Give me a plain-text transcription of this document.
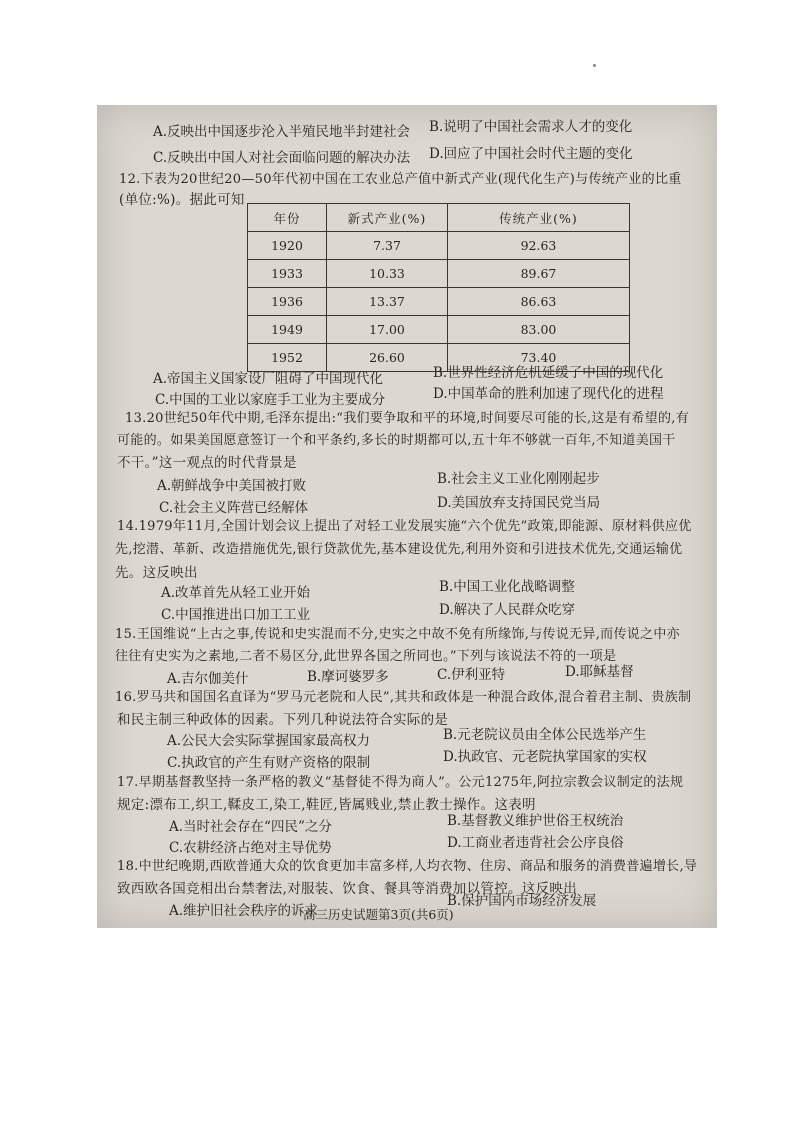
A.反映出中国逐步沦入半殖民地半封建社会 B.说明了中国社会需求人才的变化
C.反映出中国人对社会面临问题的解决办法 D.回应了中国社会时代主题的变化
12.下表为20世纪20—50年代初中国在工农业总产值中新式产业(现代化生产)与传统产业的比重
(单位:%)。据此可知
年份	新式产业(%)	传统产业(%)
1920	7.37	92.63
1933	10.33	89.67
1936	13.37	86.63
1949	17.00	83.00
1952	26.60	73.40
A.帝国主义国家设厂阻碍了中国现代化	B.世界性经济危机延缓了中国的现代化
C.中国的工业以家庭手工业为主要成分	D.中国革命的胜利加速了现代化的进程
13.20世纪50年代中期,毛泽东提出:“我们要争取和平的环境,时间要尽可能的长,这是有希望的,有
可能的。如果美国愿意签订一个和平条约,多长的时期都可以,五十年不够就一百年,不知道美国干
不干。”这一观点的时代背景是
A.朝鲜战争中美国被打败	B.社会主义工业化刚刚起步
C.社会主义阵营已经解体	D.美国放弃支持国民党当局
14.1979年11月,全国计划会议上提出了对轻工业发展实施“六个优先”政策,即能源、原材料供应优
先,挖潜、革新、改造措施优先,银行贷款优先,基本建设优先,利用外资和引进技术优先,交通运输优
先。这反映出
A.改革首先从轻工业开始	B.中国工业化战略调整
C.中国推进出口加工工业	D.解决了人民群众吃穿
15.王国维说“上古之事,传说和史实混而不分,史实之中故不免有所缘饰,与传说无异,而传说之中亦
往往有史实为之素地,二者不易区分,此世界各国之所同也。”下列与该说法不符的一项是
A.吉尔伽美什	B.摩诃婆罗多	C.伊利亚特	D.耶稣基督
16.罗马共和国国名直译为“罗马元老院和人民”,其共和政体是一种混合政体,混合着君主制、贵族制
和民主制三种政体的因素。下列几种说法符合实际的是
A.公民大会实际掌握国家最高权力	B.元老院议员由全体公民选举产生
C.执政官的产生有财产资格的限制	D.执政官、元老院执掌国家的实权
17.早期基督教坚持一条严格的教义“基督徒不得为商人”。公元1275年,阿拉宗教会议制定的法规
规定:漂布工,织工,鞣皮工,染工,鞋匠,皆属贱业,禁止教士操作。这表明
A.当时社会存在“四民”之分	B.基督教义维护世俗王权统治
C.农耕经济占绝对主导优势	D.工商业者违背社会公序良俗
18.中世纪晚期,西欧普通大众的饮食更加丰富多样,人均衣物、住房、商品和服务的消费普遍增长,导
致西欧各国竞相出台禁奢法,对服装、饮食、餐具等消费加以管控。这反映出
A.维护旧社会秩序的诉求
B.保护国内市场经济发展
高三历史试题第3页(共6页)
